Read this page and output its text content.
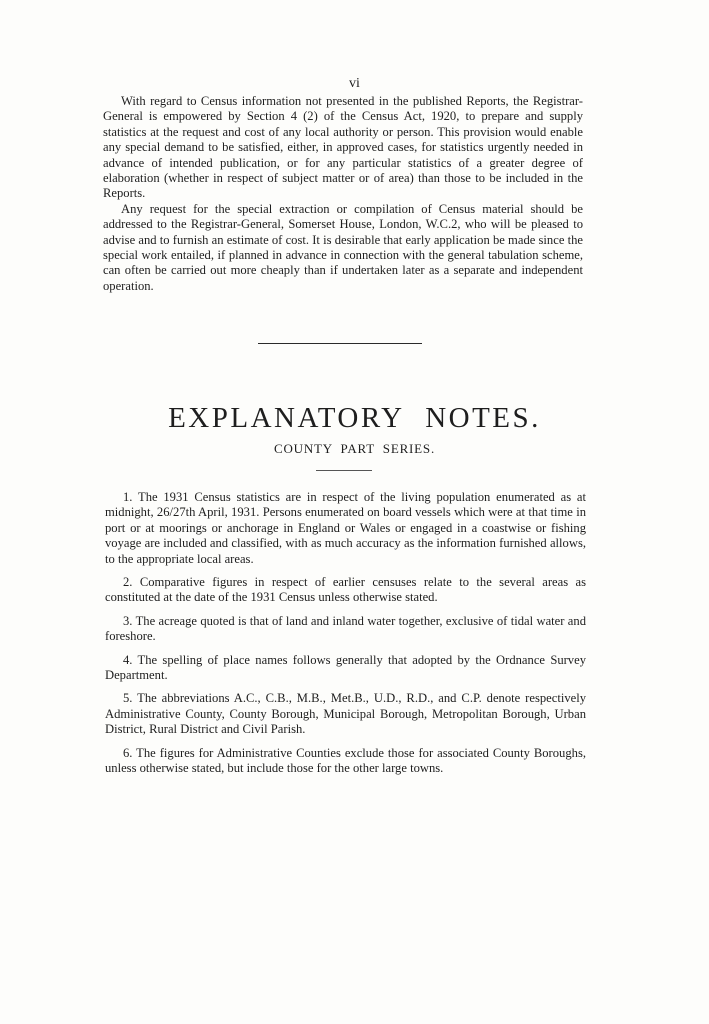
vi

With regard to Census information not presented in the published Reports, the Registrar-General is empowered by Section 4 (2) of the Census Act, 1920, to prepare and supply statistics at the request and cost of any local authority or person. This provision would enable any special demand to be satisfied, either, in approved cases, for statistics urgently needed in advance of intended publication, or for any particular statistics of a greater degree of elaboration (whether in respect of subject matter or of area) than those to be included in the Reports.

Any request for the special extraction or compilation of Census material should be addressed to the Registrar-General, Somerset House, London, W.C.2, who will be pleased to advise and to furnish an estimate of cost. It is desirable that early application be made since the special work entailed, if planned in advance in connection with the general tabulation scheme, can often be carried out more cheaply than if undertaken later as a separate and independent operation.

EXPLANATORY NOTES.
COUNTY PART SERIES.

1. The 1931 Census statistics are in respect of the living population enumerated as at midnight, 26/27th April, 1931. Persons enumerated on board vessels which were at that time in port or at moorings or anchorage in England or Wales or engaged in a coastwise or fishing voyage are included and classified, with as much accuracy as the information furnished allows, to the appropriate local areas.

2. Comparative figures in respect of earlier censuses relate to the several areas as constituted at the date of the 1931 Census unless otherwise stated.

3. The acreage quoted is that of land and inland water together, exclusive of tidal water and foreshore.

4. The spelling of place names follows generally that adopted by the Ordnance Survey Department.

5. The abbreviations A.C., C.B., M.B., Met.B., U.D., R.D., and C.P. denote respectively Administrative County, County Borough, Municipal Borough, Metropolitan Borough, Urban District, Rural District and Civil Parish.

6. The figures for Administrative Counties exclude those for associated County Boroughs, unless otherwise stated, but include those for the other large towns.
